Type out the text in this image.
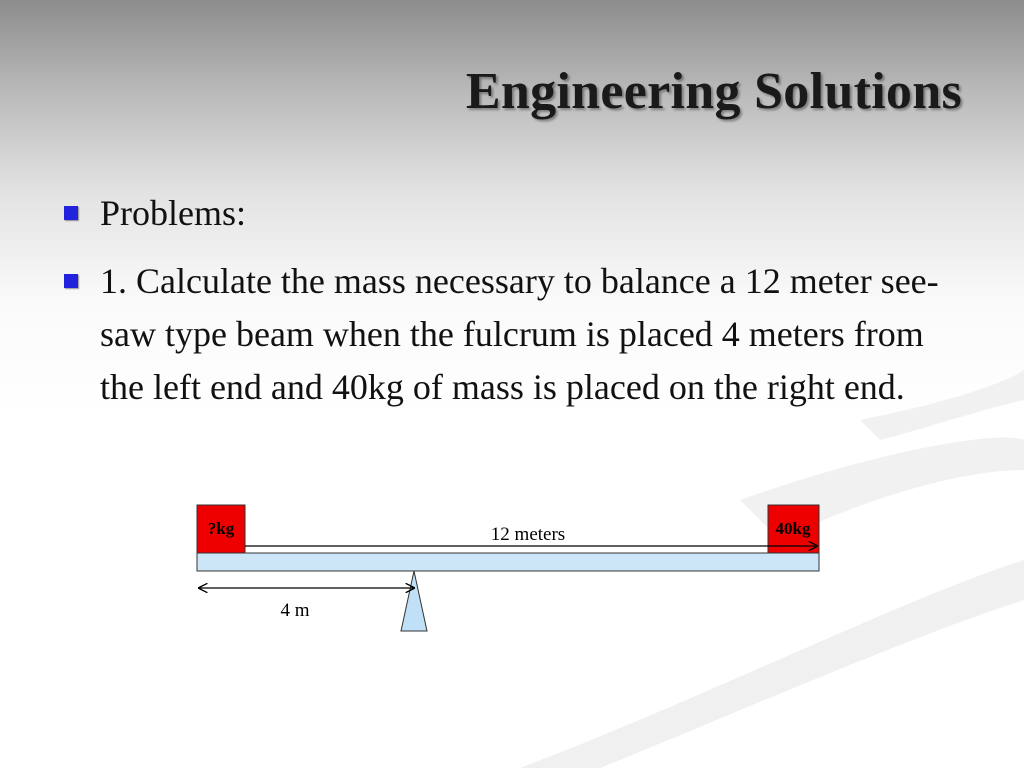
Engineering Solutions
Problems:
1. Calculate the mass necessary to balance a 12 meter see-saw type beam when the fulcrum is placed 4 meters from the left end and 40kg of mass is placed on the right end.
?kg	40kg
12 meters
4 m
